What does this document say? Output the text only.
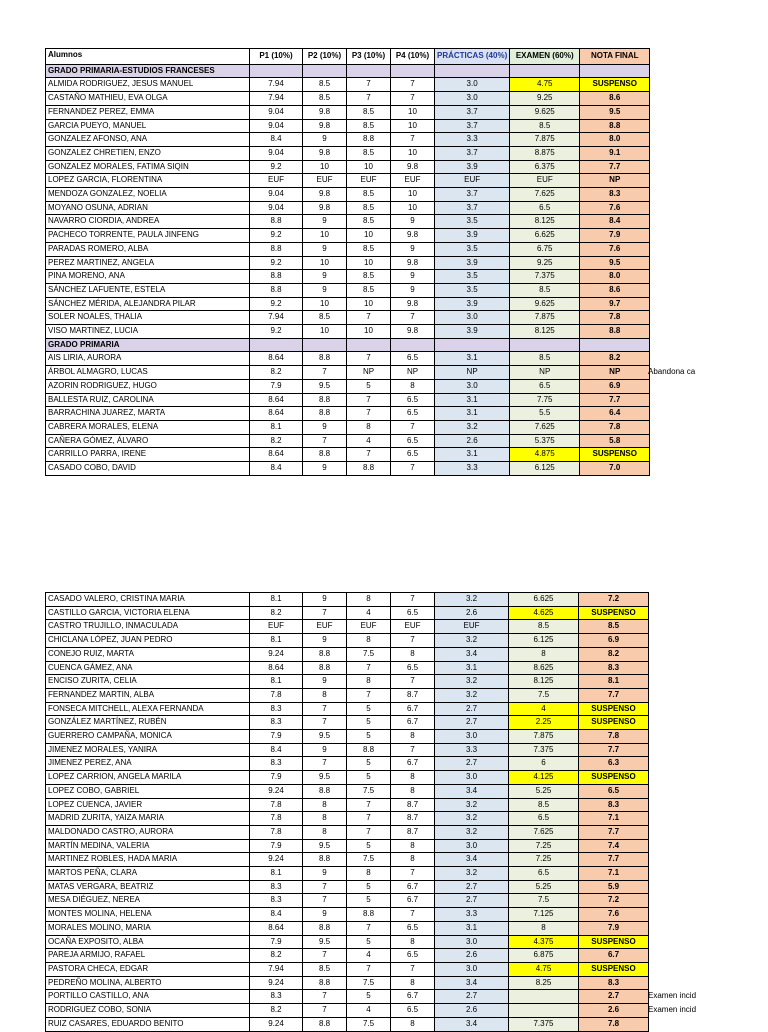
Alumnos	P1 (10%)	P2 (10%)	P3 (10%)	P4 (10%)	PRÁCTICAS (40%)	EXAMEN (60%)	NOTA FINAL
GRADO PRIMARIA-ESTUDIOS FRANCESES							
ALMIDA RODRIGUEZ, JESUS MANUEL	7.94	8.5	7	7	3.0	4.75	SUSPENSO
CASTAÑO MATHIEU, EVA OLGA	7.94	8.5	7	7	3.0	9.25	8.6
FERNANDEZ PEREZ, EMMA	9.04	9.8	8.5	10	3.7	9.625	9.5
GARCIA PUEYO, MANUEL	9.04	9.8	8.5	10	3.7	8.5	8.8
GONZALEZ AFONSO, ANA	8.4	9	8.8	7	3.3	7.875	8.0
GONZALEZ CHRETIEN, ENZO	9.04	9.8	8.5	10	3.7	8.875	9.1
GONZALEZ MORALES, FATIMA SIQIN	9.2	10	10	9.8	3.9	6.375	7.7
LOPEZ GARCIA, FLORENTINA	EUF	EUF	EUF	EUF	EUF	EUF	NP
MENDOZA GONZALEZ, NOELIA	9.04	9.8	8.5	10	3.7	7.625	8.3
MOYANO OSUNA, ADRIAN	9.04	9.8	8.5	10	3.7	6.5	7.6
NAVARRO CIORDIA, ANDREA	8.8	9	8.5	9	3.5	8.125	8.4
PACHECO TORRENTE, PAULA JINFENG	9.2	10	10	9.8	3.9	6.625	7.9
PARADAS ROMERO, ALBA	8.8	9	8.5	9	3.5	6.75	7.6
PEREZ MARTINEZ, ANGELA	9.2	10	10	9.8	3.9	9.25	9.5
PINA MORENO, ANA	8.8	9	8.5	9	3.5	7.375	8.0
SÁNCHEZ LAFUENTE, ESTELA	8.8	9	8.5	9	3.5	8.5	8.6
SÁNCHEZ MÉRIDA, ALEJANDRA PILAR	9.2	10	10	9.8	3.9	9.625	9.7
SOLER NOALES, THALIA	7.94	8.5	7	7	3.0	7.875	7.8
VISO MARTINEZ, LUCIA	9.2	10	10	9.8	3.9	8.125	8.8
GRADO PRIMARIA							
AIS LIRIA, AURORA	8.64	8.8	7	6.5	3.1	8.5	8.2
ÁRBOL ALMAGRO, LUCAS	8.2	7	NP	NP	NP	NP	NP
AZORIN RODRIGUEZ, HUGO	7.9	9.5	5	8	3.0	6.5	6.9
BALLESTA RUIZ, CAROLINA	8.64	8.8	7	6.5	3.1	7.75	7.7
BARRACHINA JUAREZ, MARTA	8.64	8.8	7	6.5	3.1	5.5	6.4
CABRERA MORALES, ELENA	8.1	9	8	7	3.2	7.625	7.8
CAÑERA GÓMEZ, ÁLVARO	8.2	7	4	6.5	2.6	5.375	5.8
CARRILLO PARRA, IRENE	8.64	8.8	7	6.5	3.1	4.875	SUSPENSO
CASADO COBO, DAVID	8.4	9	8.8	7	3.3	6.125	7.0
CASADO VALERO, CRISTINA MARIA	8.1	9	8	7	3.2	6.625	7.2
CASTILLO GARCIA, VICTORIA ELENA	8.2	7	4	6.5	2.6	4.625	SUSPENSO
CASTRO TRUJILLO, INMACULADA	EUF	EUF	EUF	EUF	EUF	8.5	8.5
CHICLANA LÓPEZ, JUAN PEDRO	8.1	9	8	7	3.2	6.125	6.9
CONEJO RUIZ, MARTA	9.24	8.8	7.5	8	3.4	8	8.2
CUENCA GÁMEZ, ANA	8.64	8.8	7	6.5	3.1	8.625	8.3
ENCISO ZURITA, CELIA	8.1	9	8	7	3.2	8.125	8.1
FERNANDEZ MARTIN, ALBA	7.8	8	7	8.7	3.2	7.5	7.7
FONSECA MITCHELL, ALEXA FERNANDA	8.3	7	5	6.7	2.7	4	SUSPENSO
GONZÁLEZ MARTÍNEZ, RUBÉN	8.3	7	5	6.7	2.7	2.25	SUSPENSO
GUERRERO CAMPAÑA, MONICA	7.9	9.5	5	8	3.0	7.875	7.8
JIMENEZ MORALES, YANIRA	8.4	9	8.8	7	3.3	7.375	7.7
JIMENEZ PEREZ, ANA	8.3	7	5	6.7	2.7	6	6.3
LOPEZ CARRION, ANGELA MARILA	7.9	9.5	5	8	3.0	4.125	SUSPENSO
LOPEZ COBO, GABRIEL	9.24	8.8	7.5	8	3.4	5.25	6.5
LOPEZ CUENCA, JAVIER	7.8	8	7	8.7	3.2	8.5	8.3
MADRID ZURITA, YAIZA MARIA	7.8	8	7	8.7	3.2	6.5	7.1
MALDONADO CASTRO, AURORA	7.8	8	7	8.7	3.2	7.625	7.7
MARTÍN MEDINA, VALERIA	7.9	9.5	5	8	3.0	7.25	7.4
MARTINEZ ROBLES, HADA MARIA	9.24	8.8	7.5	8	3.4	7.25	7.7
MARTOS PEÑA, CLARA	8.1	9	8	7	3.2	6.5	7.1
MATAS VERGARA, BEATRIZ	8.3	7	5	6.7	2.7	5.25	5.9
MESA DIÉGUEZ, NEREA	8.3	7	5	6.7	2.7	7.5	7.2
MONTES MOLINA, HELENA	8.4	9	8.8	7	3.3	7.125	7.6
MORALES MOLINO, MARIA	8.64	8.8	7	6.5	3.1	8	7.9
OCAÑA EXPOSITO, ALBA	7.9	9.5	5	8	3.0	4.375	SUSPENSO
PAREJA ARMIJO, RAFAEL	8.2	7	4	6.5	2.6	6.875	6.7
PASTORA CHECA, EDGAR	7.94	8.5	7	7	3.0	4.75	SUSPENSO
PEDREÑO MOLINA, ALBERTO	9.24	8.8	7.5	8	3.4	8.25	8.3
PORTILLO CASTILLO, ANA	8.3	7	5	6.7	2.7		2.7
RODRIGUEZ COBO, SONIA	8.2	7	4	6.5	2.6		2.6
RUIZ CASARES, EDUARDO BENITO	9.24	8.8	7.5	8	3.4	7.375	7.8
Abandona ca
Examen incid
Examen incid
